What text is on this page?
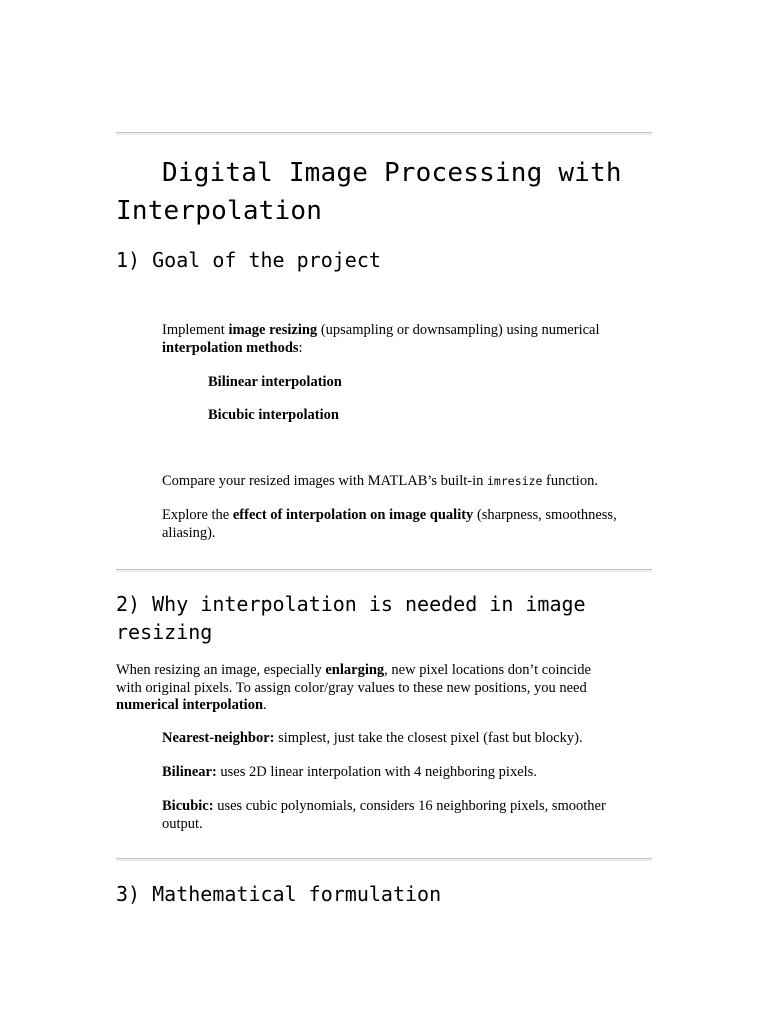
Digital Image Processing with
Interpolation
1) Goal of the project

Implement image resizing (upsampling or downsampling) using numerical
interpolation methods:

Bilinear interpolation

Bicubic interpolation

Compare your resized images with MATLAB’s built-in imresize function.

Explore the effect of interpolation on image quality (sharpness, smoothness,
aliasing).

2) Why interpolation is needed in image
resizing

When resizing an image, especially enlarging, new pixel locations don’t coincide
with original pixels. To assign color/gray values to these new positions, you need
numerical interpolation.

Nearest-neighbor: simplest, just take the closest pixel (fast but blocky).

Bilinear: uses 2D linear interpolation with 4 neighboring pixels.

Bicubic: uses cubic polynomials, considers 16 neighboring pixels, smoother
output.

3) Mathematical formulation
